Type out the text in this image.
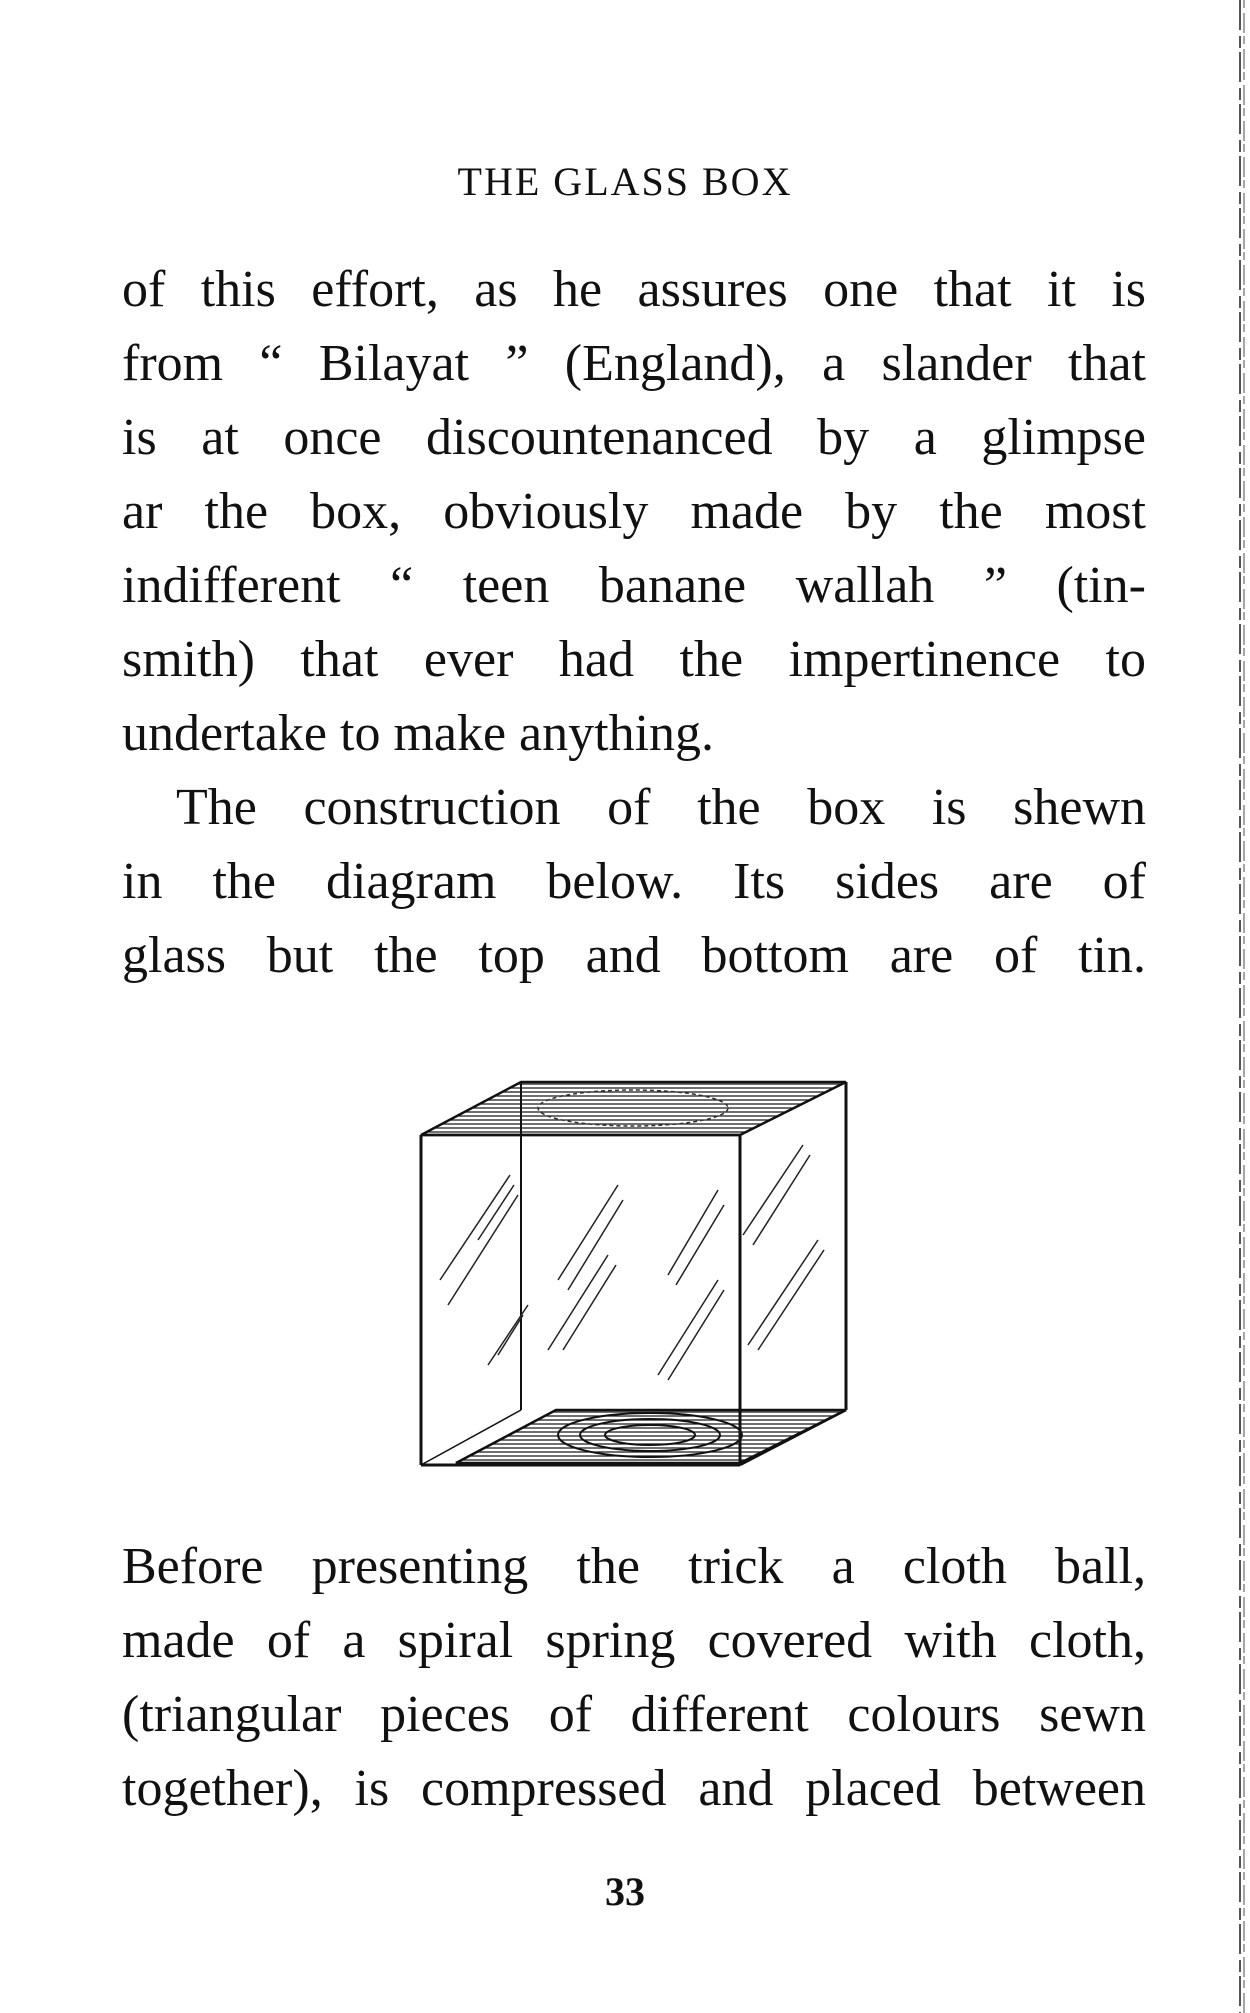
THE GLASS BOX
of this effort, as he assures one that it is
from “ Bilayat ” (England), a slander that
is at once discountenanced by a glimpse
ar the box, obviously made by the most
indifferent “ teen banane wallah ” (tin-
smith) that ever had the impertinence to
undertake to make anything.
The construction of the box is shewn
in the diagram below. Its sides are of
glass but the top and bottom are of tin.
Before presenting the trick a cloth ball,
made of a spiral spring covered with cloth,
(triangular pieces of different colours sewn
together), is compressed and placed between
33
